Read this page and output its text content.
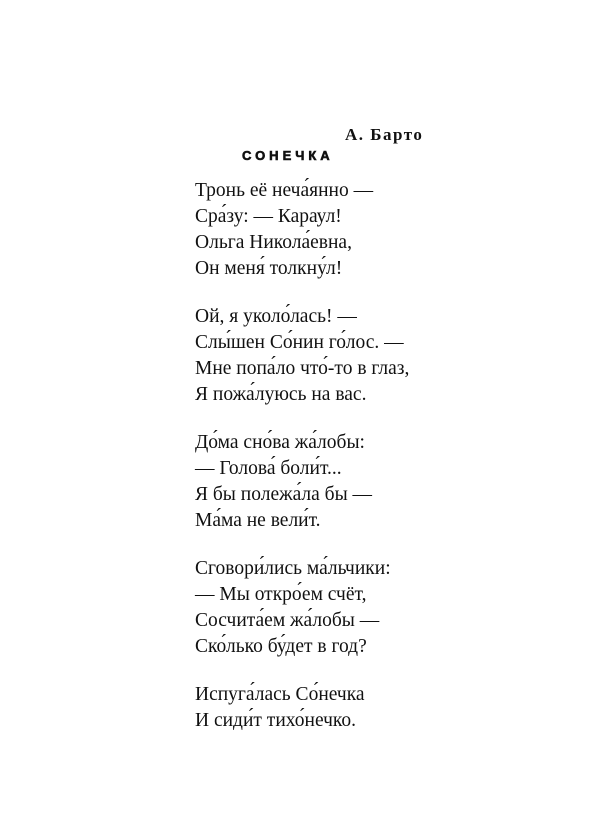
А. Барто
СОНЕЧКА
Тронь её неча́янно —
Сра́зу: — Караул!
Ольга Никола́евна,
Он меня́ толкну́л!
Ой, я уколо́лась! —
Слы́шен Со́нин го́лос. —
Мне попа́ло что́-то в глаз,
Я пожа́луюсь на вас.
До́ма сно́ва жа́лобы:
— Голова́ боли́т...
Я бы полежа́ла бы —
Ма́ма не вели́т.
Сговори́лись ма́льчики:
— Мы откро́ем счёт,
Сосчита́ем жа́лобы —
Ско́лько бу́дет в год?
Испуга́лась Со́нечка
И сиди́т тихо́нечко.
